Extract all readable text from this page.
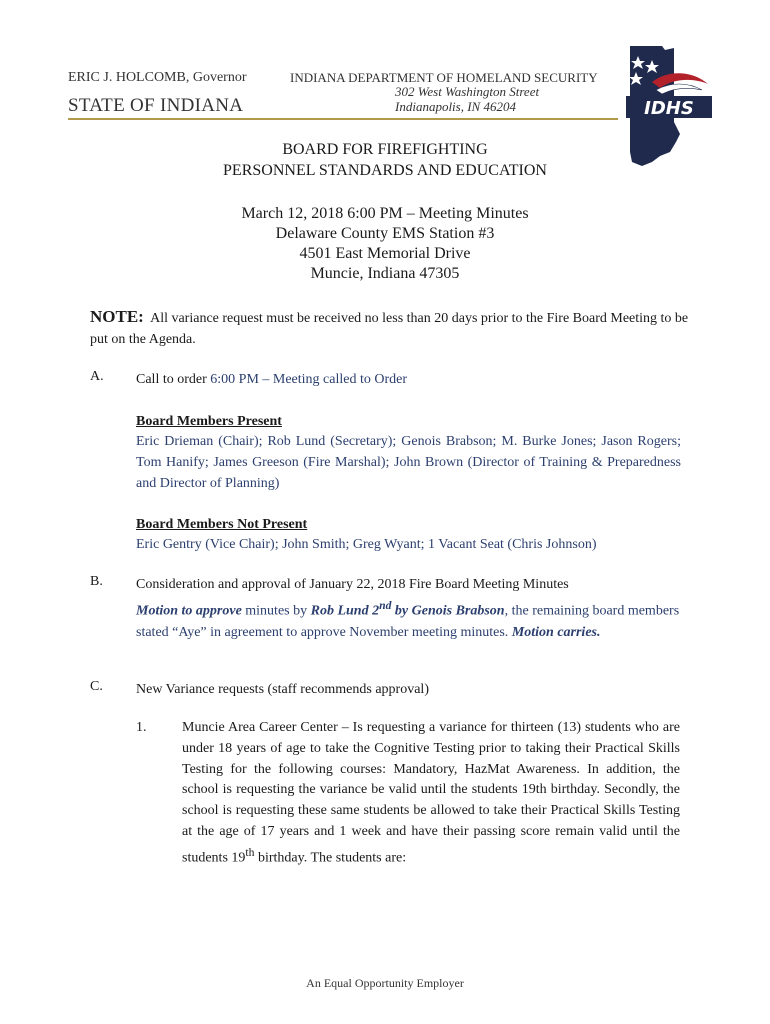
ERIC J. HOLCOMB, Governor
STATE OF INDIANA
INDIANA DEPARTMENT OF HOMELAND SECURITY
302 West Washington Street
Indianapolis, IN 46204	IDHS
BOARD FOR FIREFIGHTING
PERSONNEL STANDARDS AND EDUCATION
March 12, 2018 6:00 PM – Meeting Minutes
Delaware County EMS Station #3
4501 East Memorial Drive
Muncie, Indiana 47305
NOTE: All variance request must be received no less than 20 days prior to the Fire Board Meeting to be put on the Agenda.
A. Call to order 6:00 PM – Meeting called to Order
Board Members Present
Eric Drieman (Chair); Rob Lund (Secretary); Genois Brabson; M. Burke Jones; Jason Rogers; Tom Hanify; James Greeson (Fire Marshal); John Brown (Director of Training & Preparedness and Director of Planning)
Board Members Not Present
Eric Gentry (Vice Chair); John Smith; Greg Wyant; 1 Vacant Seat (Chris Johnson)
B. Consideration and approval of January 22, 2018 Fire Board Meeting Minutes
Motion to approve minutes by Rob Lund 2nd by Genois Brabson, the remaining board members stated “Aye” in agreement to approve November meeting minutes. Motion carries.
C. New Variance requests (staff recommends approval)
1.	Muncie Area Career Center – Is requesting a variance for thirteen (13) students who are under 18 years of age to take the Cognitive Testing prior to taking their Practical Skills Testing for the following courses: Mandatory, HazMat Awareness. In addition, the school is requesting the variance be valid until the students 19th birthday. Secondly, the school is requesting these same students be allowed to take their Practical Skills Testing at the age of 17 years and 1 week and have their passing score remain valid until the students 19th birthday. The students are:
An Equal Opportunity Employer
